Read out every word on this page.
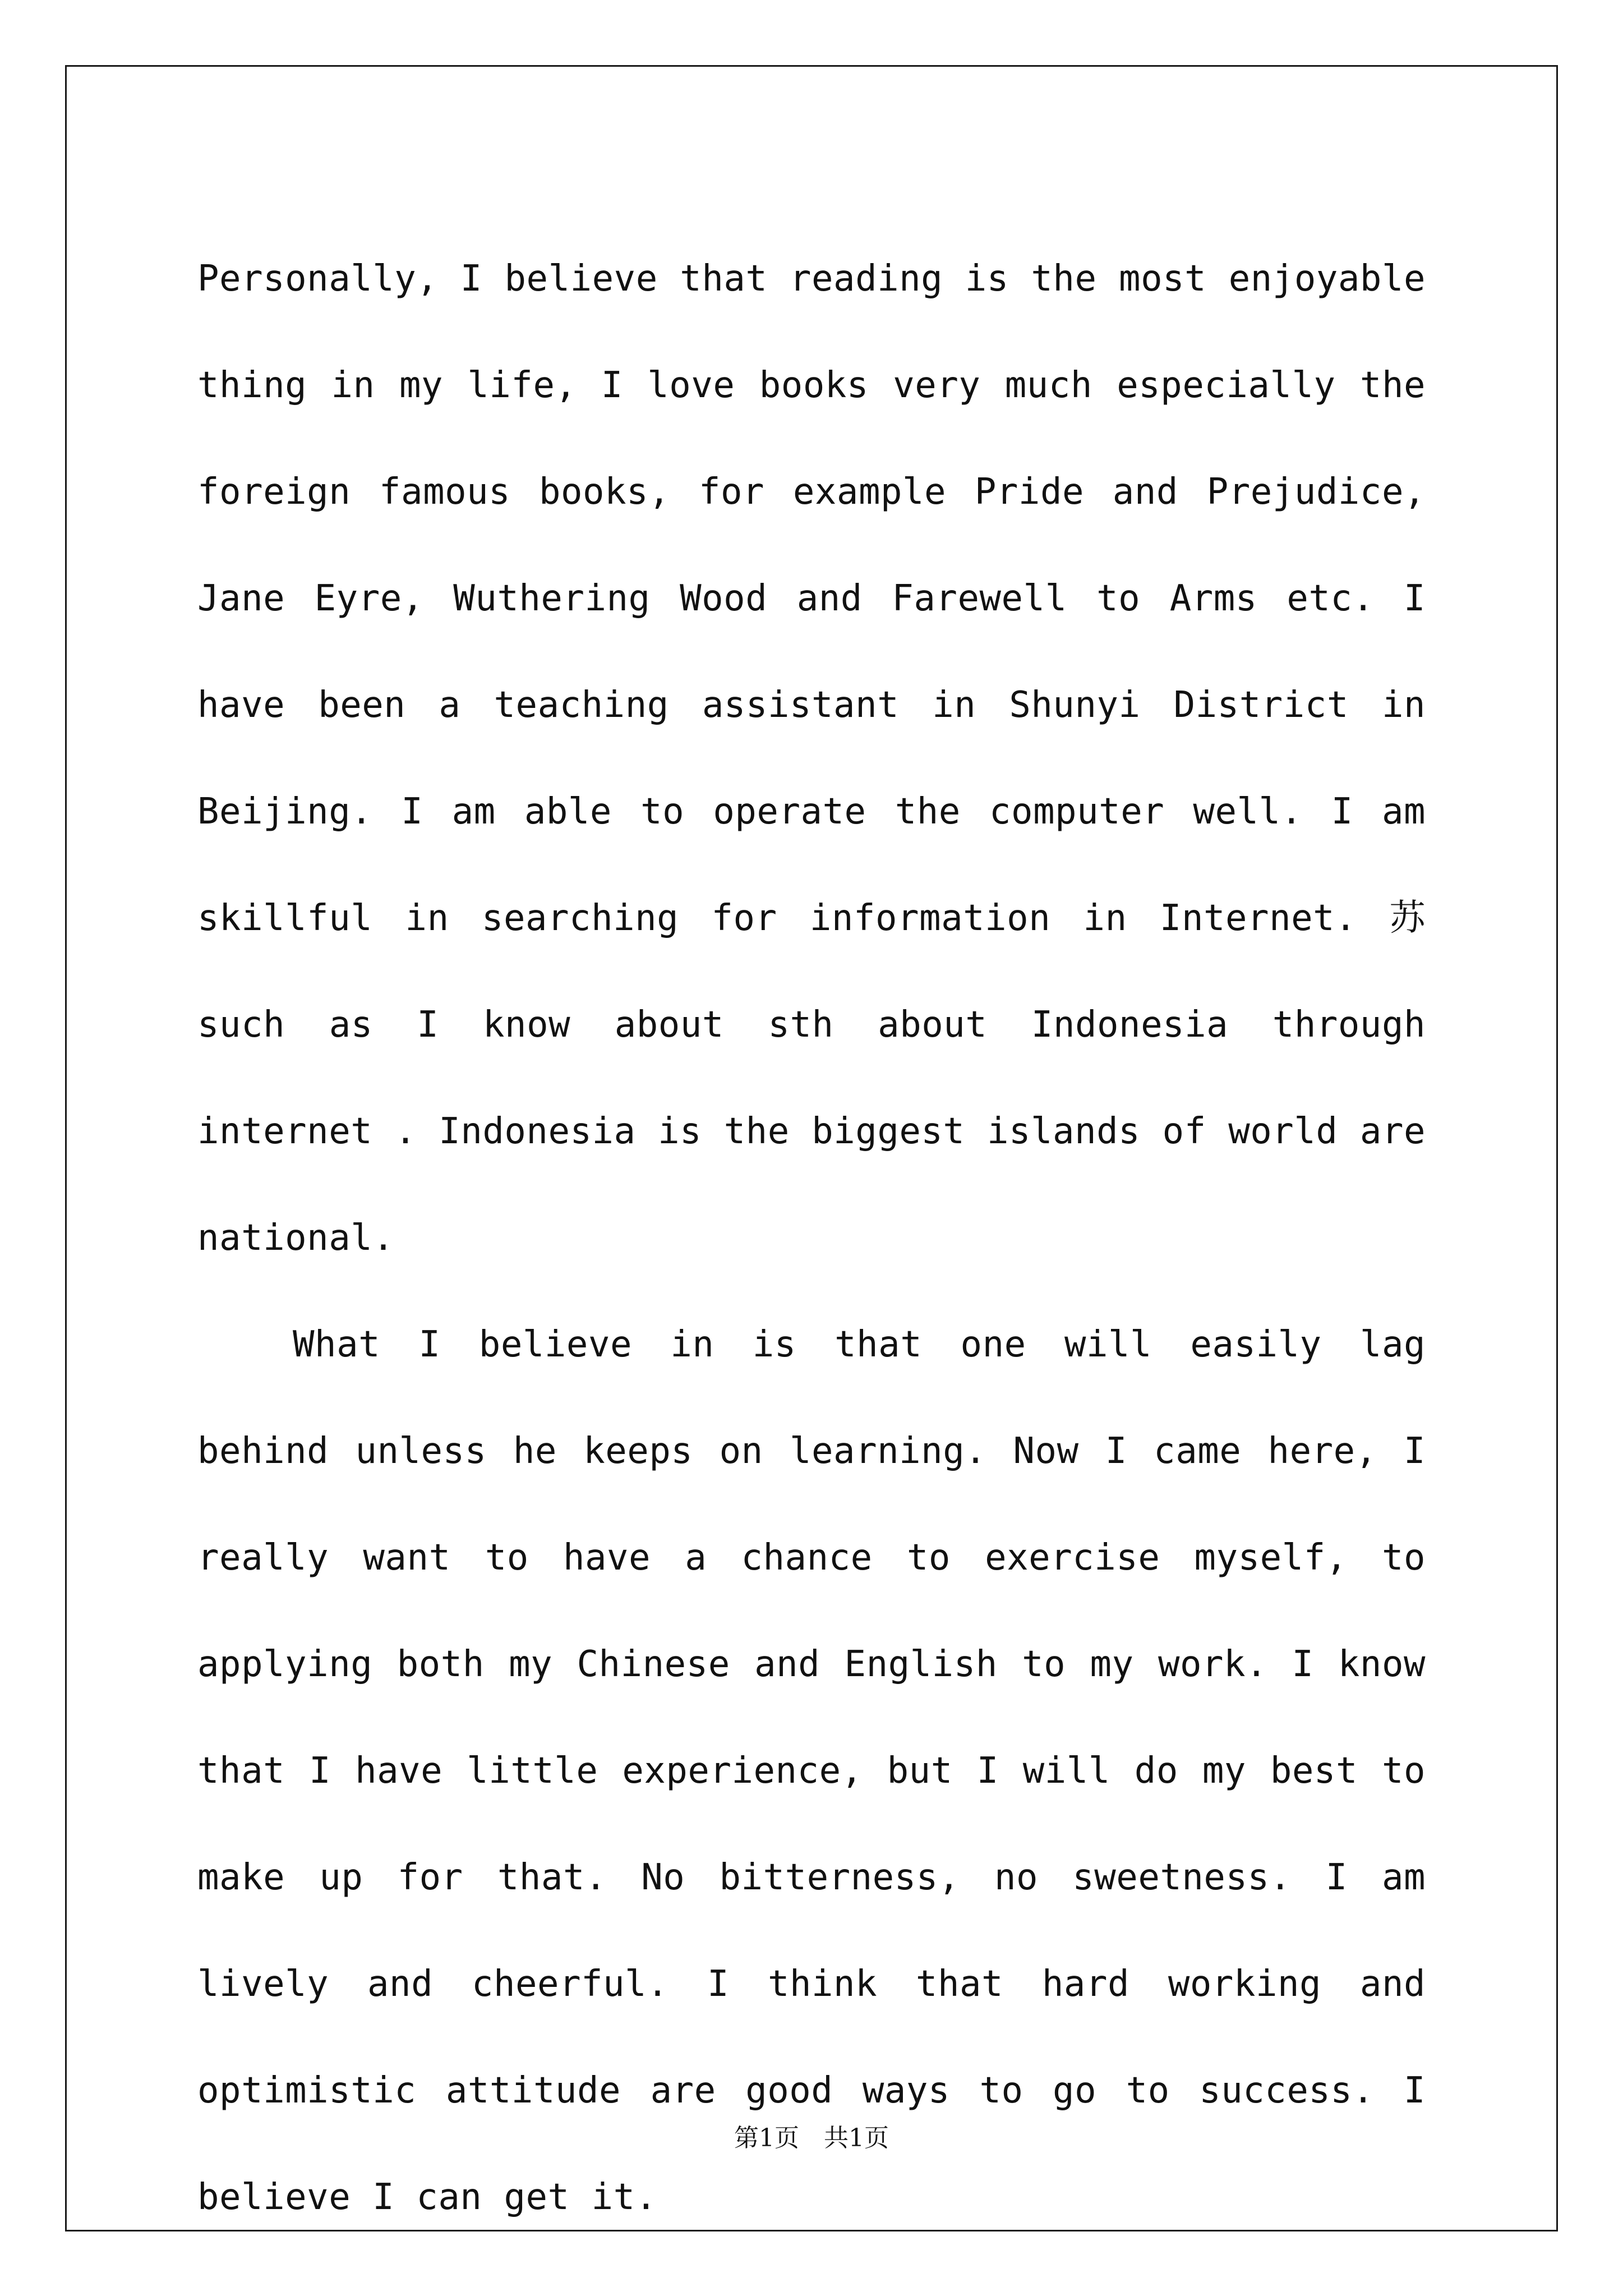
Personally, I believe that reading is the most enjoyable thing in my life, I love books very much especially the foreign famous books, for example Pride and Prejudice, Jane Eyre, Wuthering Wood and Farewell to Arms etc. I have been a teaching assistant in Shunyi District in Beijing. I am able to operate the computer well. I am skillful in searching for information in Internet. 苏 such as I know about sth about Indonesia through internet . Indonesia is the biggest islands of world are national.

What I believe in is that one will easily lag behind unless he keeps on learning. Now I came here, I really want to have a chance to exercise myself, to applying both my Chinese and English to my work. I know that I have little experience, but I will do my best to make up for that. No bitterness, no sweetness. I am lively and cheerful. I think that hard working and optimistic attitude are good ways to go to success. I believe I can get it.

第1页　共1页
